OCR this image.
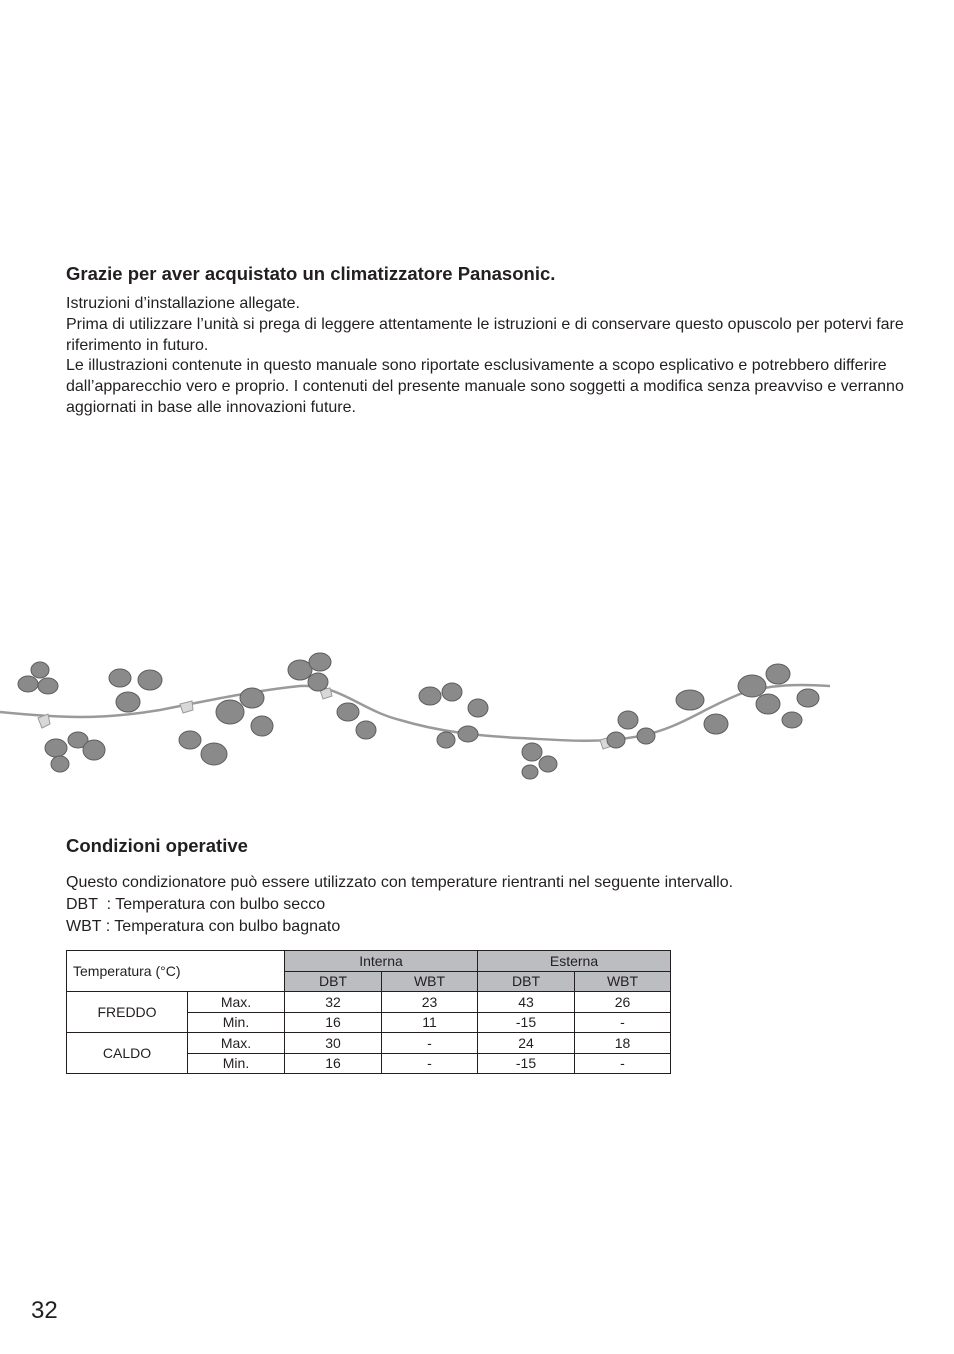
Grazie per aver acquistato un climatizzatore Panasonic.

Istruzioni d’installazione allegate.

Prima di utilizzare l’unità si prega di leggere attentamente le istruzioni e di conservare questo opuscolo per potervi fare riferimento in futuro.

Le illustrazioni contenute in questo manuale sono riportate esclusivamente a scopo esplicativo e potrebbero differire dall’apparecchio vero e proprio. I contenuti del presente manuale sono soggetti a modifica senza preavviso e verranno aggiornati in base alle innovazioni future.

Condizioni operative

Questo condizionatore può essere utilizzato con temperature rientranti nel seguente intervallo.

DBT  : Temperatura con bulbo secco

WBT : Temperatura con bulbo bagnato

Temperatura (°C)		Interna		Esterna	
		DBT	WBT	DBT	WBT
FREDDO	Max.	32	23	43	26
	Min.	16	11	-15	-
CALDO	Max.	30	-	24	18
	Min.	16	-	-15	-
32
